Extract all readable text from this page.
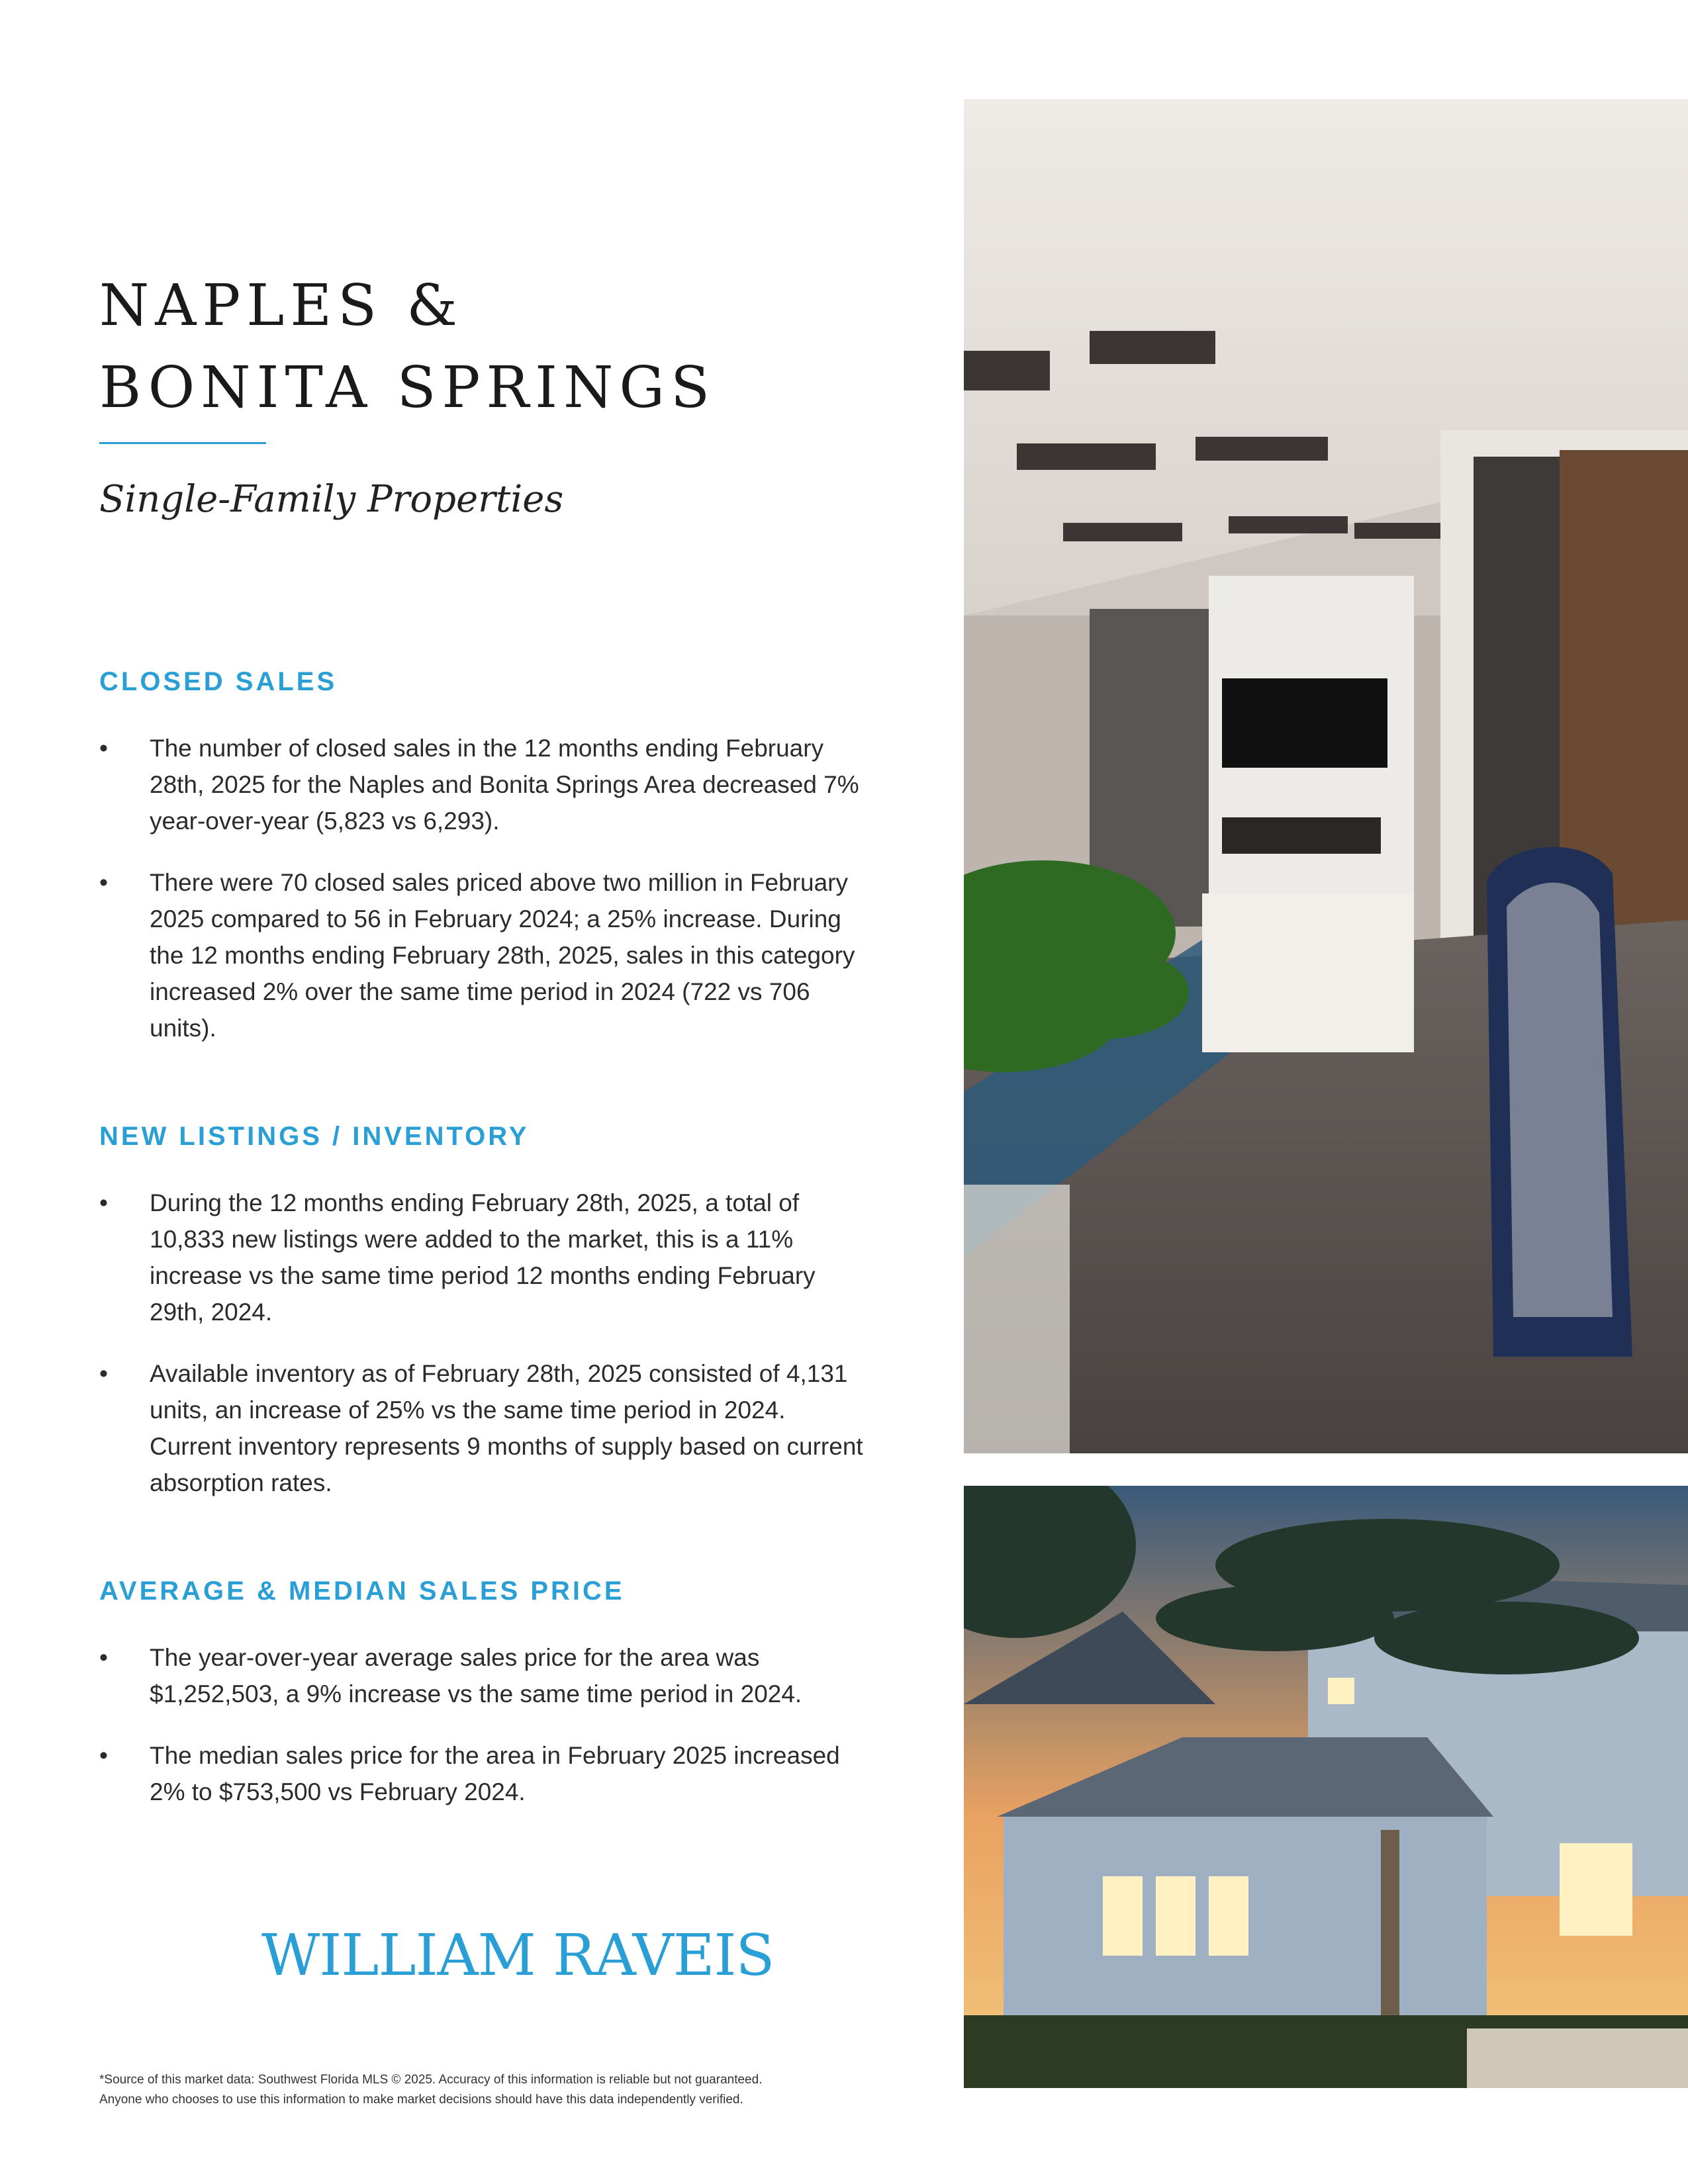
NAPLES &
BONITA SPRINGS
Single-Family Properties
CLOSED SALES
• The number of closed sales in the 12 months ending February 28th, 2025 for the Naples and Bonita Springs Area decreased 7% year-over-year (5,823 vs 6,293).
• There were 70 closed sales priced above two million in February 2025 compared to 56 in February 2024; a 25% increase. During the 12 months ending February 28th, 2025, sales in this category increased 2% over the same time period in 2024 (722 vs 706 units).
NEW LISTINGS / INVENTORY
• During the 12 months ending February 28th, 2025, a total of 10,833 new listings were added to the market, this is a 11% increase vs the same time period 12 months ending February 29th, 2024.
• Available inventory as of February 28th, 2025 consisted of 4,131 units, an increase of 25% vs the same time period in 2024. Current inventory represents 9 months of supply based on current absorption rates.
AVERAGE & MEDIAN SALES PRICE
• The year-over-year average sales price for the area was $1,252,503, a 9% increase vs the same time period in 2024.
• The median sales price for the area in February 2025 increased 2% to $753,500 vs February 2024.
WILLIAM RAVEIS
*Source of this market data: Southwest Florida MLS © 2025. Accuracy of this information is reliable but not guaranteed.
Anyone who chooses to use this information to make market decisions should have this data independently verified.
